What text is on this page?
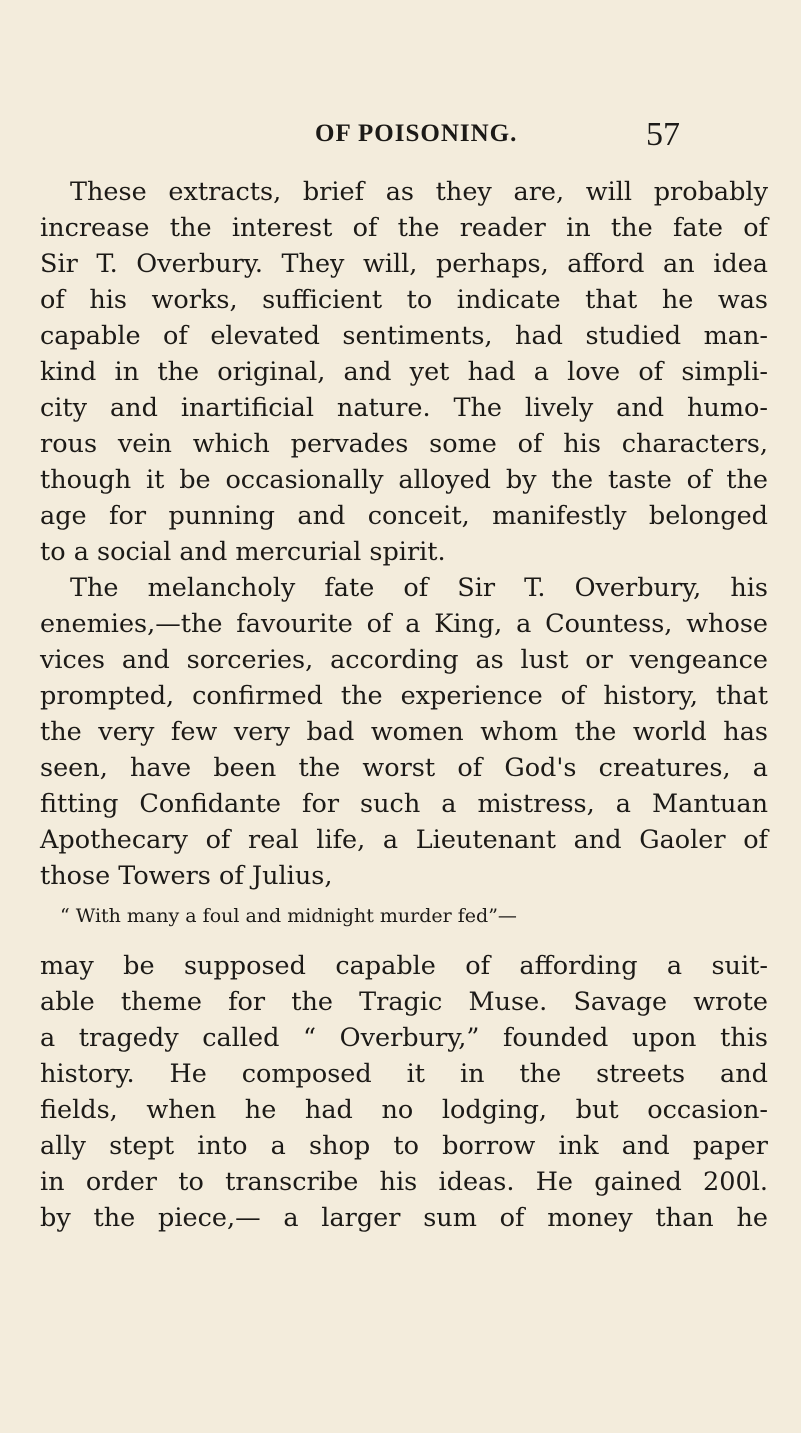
OF POISONING.	57
These extracts, brief as they are, will probably
increase the interest of the reader in the fate of
Sir T. Overbury. They will, perhaps, afford an idea
of his works, sufficient to indicate that he was
capable of elevated sentiments, had studied man-
kind in the original, and yet had a love of simpli-
city and inartificial nature. The lively and humo-
rous vein which pervades some of his characters,
though it be occasionally alloyed by the taste of the
age for punning and conceit, manifestly belonged
to a social and mercurial spirit.
The melancholy fate of Sir T. Overbury, his
enemies,—the favourite of a King, a Countess, whose
vices and sorceries, according as lust or vengeance
prompted, confirmed the experience of history, that
the very few very bad women whom the world has
seen, have been the worst of God's creatures, a
fitting Confidante for such a mistress, a Mantuan
Apothecary of real life, a Lieutenant and Gaoler of
those Towers of Julius,
“ With many a foul and midnight murder fed”—
may be supposed capable of affording a suit-
able theme for the Tragic Muse. Savage wrote
a tragedy called “ Overbury,” founded upon this
history. He composed it in the streets and
fields, when he had no lodging, but occasion-
ally stept into a shop to borrow ink and paper
in order to transcribe his ideas. He gained 200l.
by the piece,— a larger sum of money than he
